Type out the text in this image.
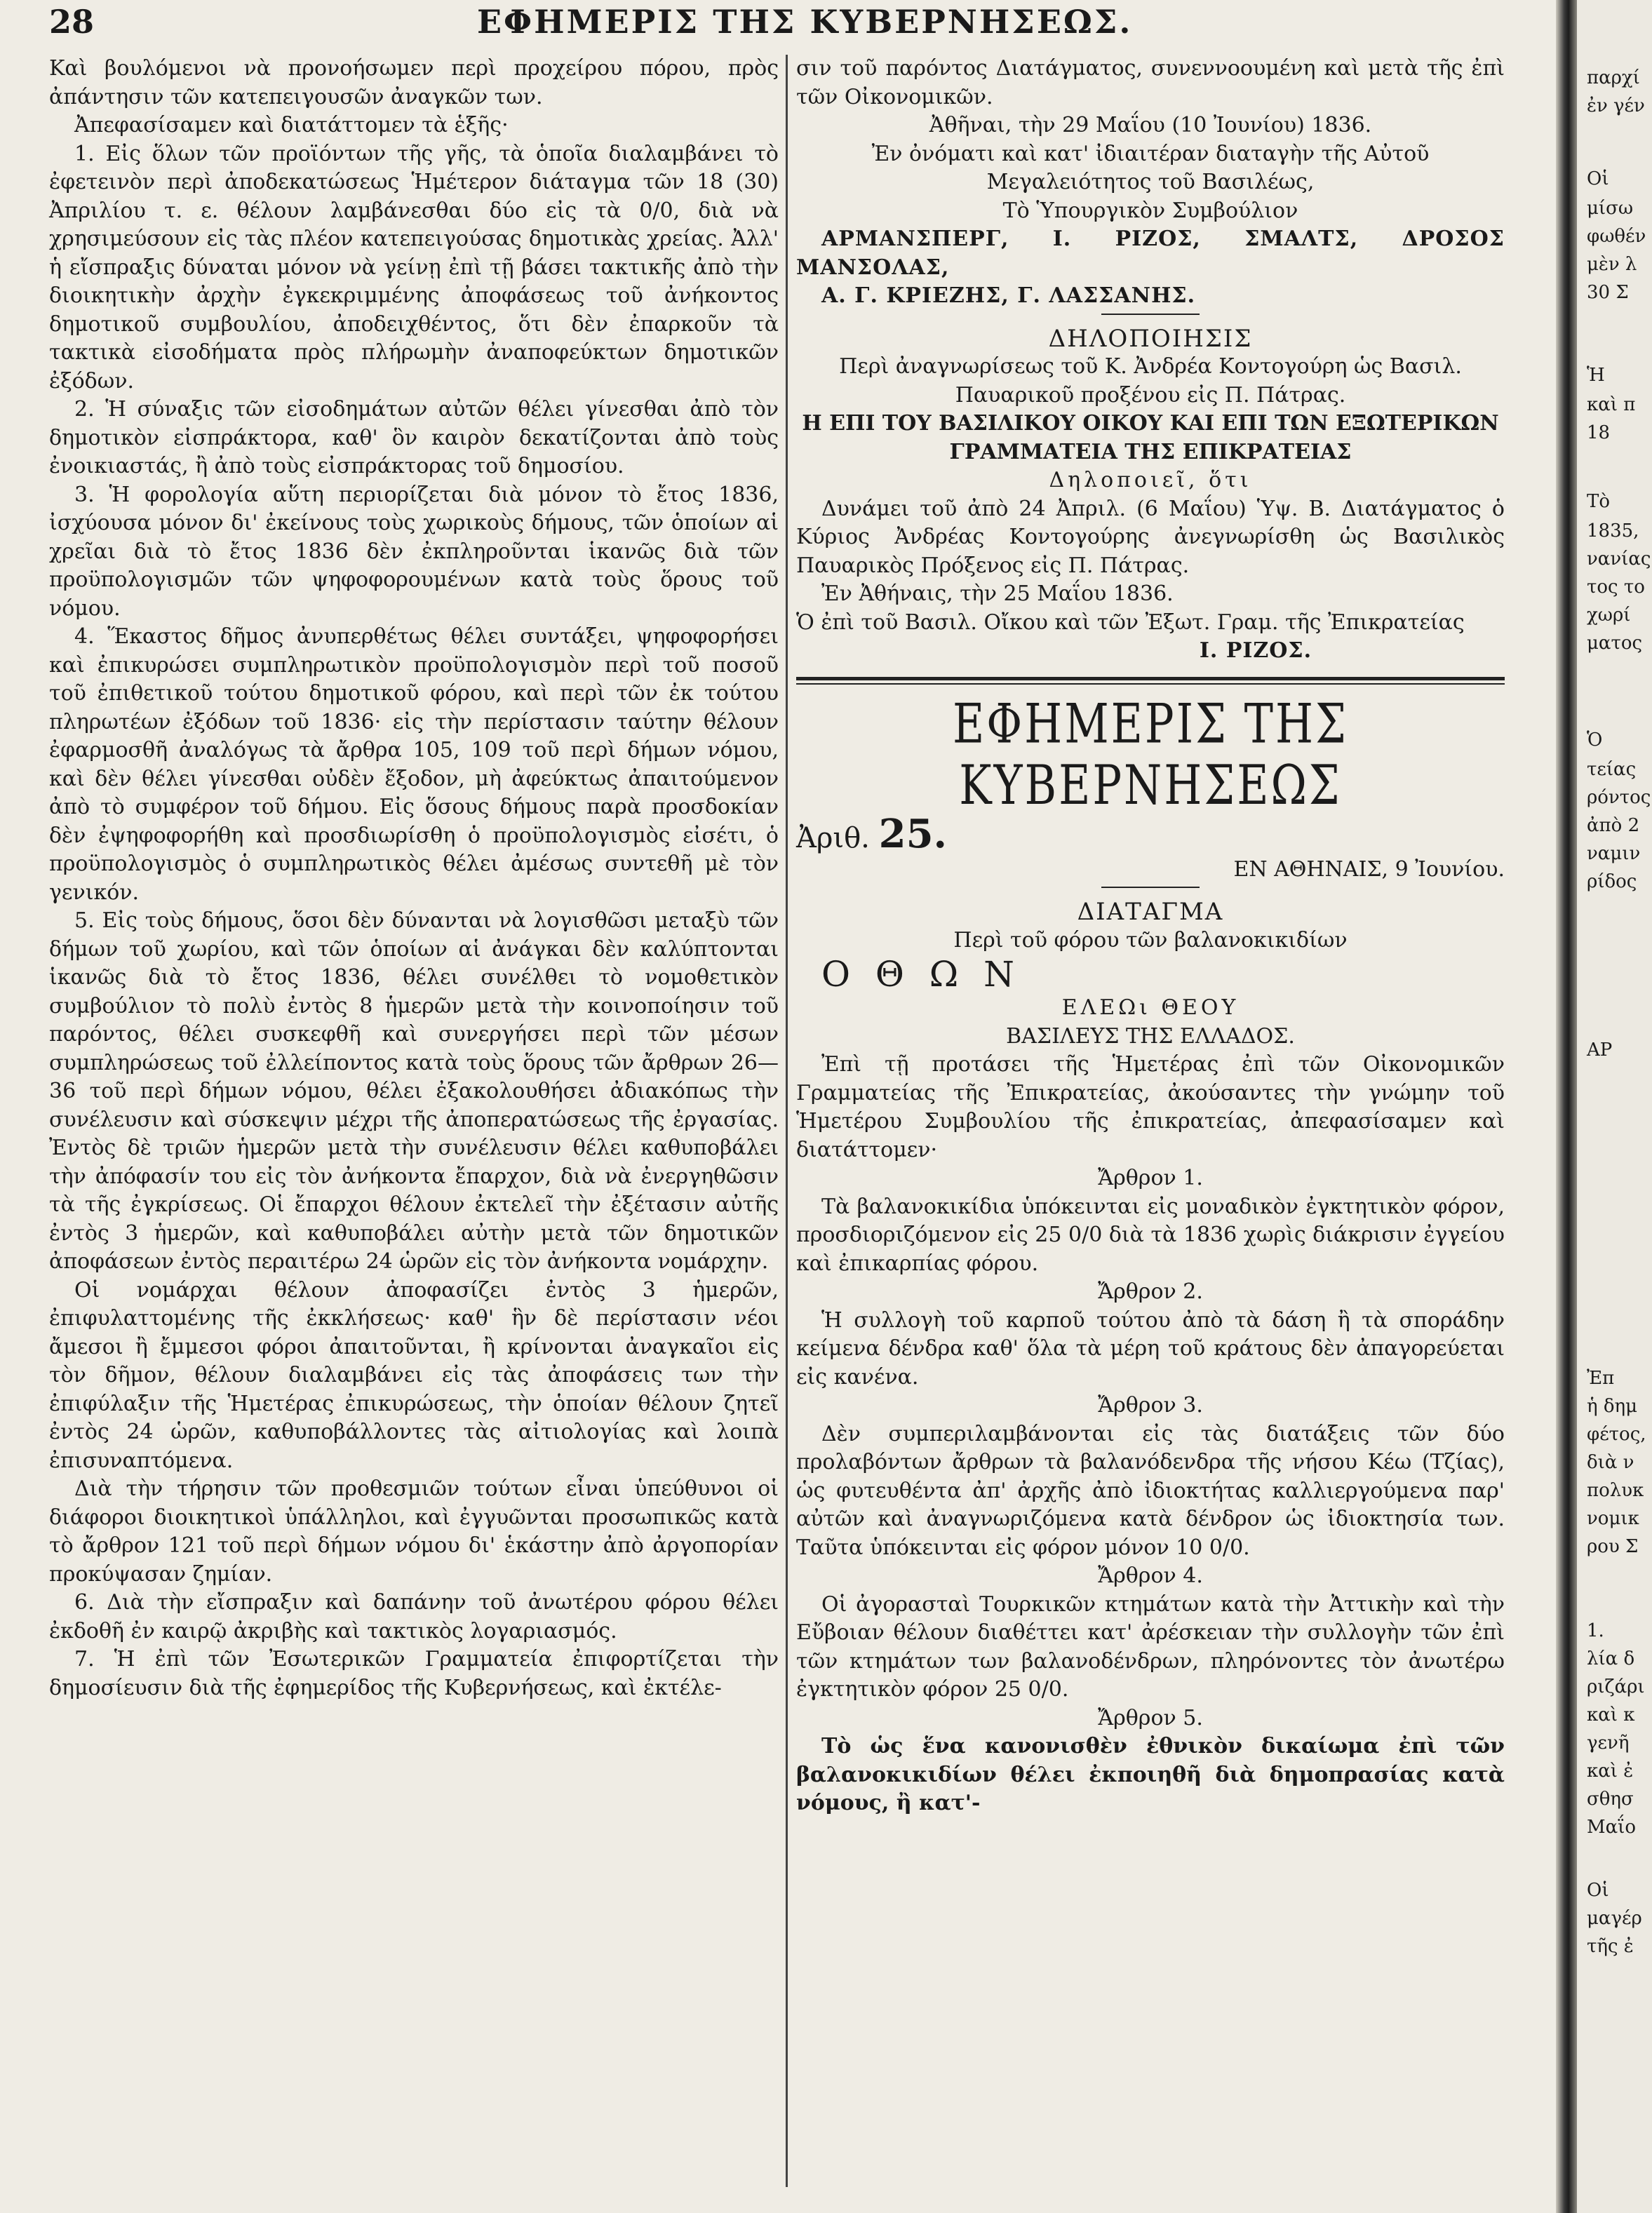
28	ΕΦΗΜΕΡΙΣ ΤΗΣ ΚΥΒΕΡΝΗΣΕΩΣ.

Καὶ βουλόμενοι νὰ προνοήσωμεν περὶ προχείρου πόρου, πρὸς ἀπάντησιν τῶν κατεπειγουσῶν ἀναγκῶν των.

Ἀπεφασίσαμεν καὶ διατάττομεν τὰ ἑξῆς·

1. Εἰς ὅλων τῶν προϊόντων τῆς γῆς, τὰ ὁποῖα διαλαμβάνει τὸ ἐφετεινὸν περὶ ἀποδεκατώσεως Ἡμέτερον διάταγμα τῶν 18 (30) Ἀπριλίου τ. ε. θέλουν λαμβάνεσθαι δύο εἰς τὰ 0/0, διὰ νὰ χρησιμεύσουν εἰς τὰς πλέον κατεπειγούσας δημοτικὰς χρείας. Ἀλλ' ἡ εἴσπραξις δύναται μόνον νὰ γείνῃ ἐπὶ τῇ βάσει τακτικῆς ἀπὸ τὴν διοικητικὴν ἀρχὴν ἐγκεκριμμένης ἀποφάσεως τοῦ ἀνήκοντος δημοτικοῦ συμβουλίου, ἀποδειχθέντος, ὅτι δὲν ἐπαρκοῦν τὰ τακτικὰ εἰσοδήματα πρὸς πλήρωμὴν ἀναποφεύκτων δημοτικῶν ἐξόδων.

2. Ἡ σύναξις τῶν εἰσοδημάτων αὐτῶν θέλει γίνεσθαι ἀπὸ τὸν δημοτικὸν εἰσπράκτορα, καθ' ὃν καιρὸν δεκατίζονται ἀπὸ τοὺς ἐνοικιαστάς, ἢ ἀπὸ τοὺς εἰσπράκτορας τοῦ δημοσίου.

3. Ἡ φορολογία αὕτη περιορίζεται διὰ μόνον τὸ ἔτος 1836, ἰσχύουσα μόνον δι' ἐκείνους τοὺς χωρικοὺς δήμους, τῶν ὁποίων αἱ χρεῖαι διὰ τὸ ἔτος 1836 δὲν ἐκπληροῦνται ἱκανῶς διὰ τῶν προϋπολογισμῶν τῶν ψηφοφορουμένων κατὰ τοὺς ὅρους τοῦ νόμου.

4. Ἕκαστος δῆμος ἀνυπερθέτως θέλει συντάξει, ψηφοφορήσει καὶ ἐπικυρώσει συμπληρωτικὸν προϋπολογισμὸν περὶ τοῦ ποσοῦ τοῦ ἐπιθετικοῦ τούτου δημοτικοῦ φόρου, καὶ περὶ τῶν ἐκ τούτου πληρωτέων ἐξόδων τοῦ 1836· εἰς τὴν περίστασιν ταύτην θέλουν ἐφαρμοσθῆ ἀναλόγως τὰ ἄρθρα 105, 109 τοῦ περὶ δήμων νόμου, καὶ δὲν θέλει γίνεσθαι οὐδὲν ἔξοδον, μὴ ἀφεύκτως ἀπαιτούμενον ἀπὸ τὸ συμφέρον τοῦ δήμου. Εἰς ὅσους δήμους παρὰ προσδοκίαν δὲν ἐψηφοφορήθη καὶ προσδιωρίσθη ὁ προϋπολογισμὸς εἰσέτι, ὁ προϋπολογισμὸς ὁ συμπληρωτικὸς θέλει ἀμέσως συντεθῆ μὲ τὸν γενικόν.

5. Εἰς τοὺς δήμους, ὅσοι δὲν δύνανται νὰ λογισθῶσι μεταξὺ τῶν δήμων τοῦ χωρίου, καὶ τῶν ὁποίων αἱ ἀνάγκαι δὲν καλύπτονται ἱκανῶς διὰ τὸ ἔτος 1836, θέλει συνέλθει τὸ νομοθετικὸν συμβούλιον τὸ πολὺ ἐντὸς 8 ἡμερῶν μετὰ τὴν κοινοποίησιν τοῦ παρόντος, θέλει συσκεφθῆ καὶ συνεργήσει περὶ τῶν μέσων συμπληρώσεως τοῦ ἐλλείποντος κατὰ τοὺς ὅρους τῶν ἄρθρων 26—36 τοῦ περὶ δήμων νόμου, θέλει ἐξακολουθήσει ἀδιακόπως τὴν συνέλευσιν καὶ σύσκεψιν μέχρι τῆς ἀποπερατώσεως τῆς ἐργασίας. Ἐντὸς δὲ τριῶν ἡμερῶν μετὰ τὴν συνέλευσιν θέλει καθυποβάλει τὴν ἀπόφασίν του εἰς τὸν ἀνήκοντα ἔπαρχον, διὰ νὰ ἐνεργηθῶσιν τὰ τῆς ἐγκρίσεως. Οἱ ἔπαρχοι θέλουν ἐκτελεῖ τὴν ἐξέτασιν αὐτῆς ἐντὸς 3 ἡμερῶν, καὶ καθυποβάλει αὐτὴν μετὰ τῶν δημοτικῶν ἀποφάσεων ἐντὸς περαιτέρω 24 ὡρῶν εἰς τὸν ἀνήκοντα νομάρχην.

Οἱ νομάρχαι θέλουν ἀποφασίζει ἐντὸς 3 ἡμερῶν, ἐπιφυλαττομένης τῆς ἐκκλήσεως· καθ' ἣν δὲ περίστασιν νέοι ἄμεσοι ἢ ἔμμεσοι φόροι ἀπαιτοῦνται, ἢ κρίνονται ἀναγκαῖοι εἰς τὸν δῆμον, θέλουν διαλαμβάνει εἰς τὰς ἀποφάσεις των τὴν ἐπιφύλαξιν τῆς Ἡμετέρας ἐπικυρώσεως, τὴν ὁποίαν θέλουν ζητεῖ ἐντὸς 24 ὡρῶν, καθυποβάλλοντες τὰς αἰτιολογίας καὶ λοιπὰ ἐπισυναπτόμενα.

Διὰ τὴν τήρησιν τῶν προθεσμιῶν τούτων εἶναι ὑπεύθυνοι οἱ διάφοροι διοικητικοὶ ὑπάλληλοι, καὶ ἐγγυῶνται προσωπικῶς κατὰ τὸ ἄρθρον 121 τοῦ περὶ δήμων νόμου δι' ἑκάστην ἀπὸ ἀργοπορίαν προκύψασαν ζημίαν.

6. Διὰ τὴν εἴσπραξιν καὶ δαπάνην τοῦ ἀνωτέρου φόρου θέλει ἐκδοθῆ ἐν καιρῷ ἀκριβὴς καὶ τακτικὸς λογαριασμός.

7. Ἡ ἐπὶ τῶν Ἐσωτερικῶν Γραμματεία ἐπιφορτίζεται τὴν δημοσίευσιν διὰ τῆς ἐφημερίδος τῆς Κυβερνήσεως, καὶ ἐκτέλε-

σιν τοῦ παρόντος Διατάγματος, συνεννοουμένη καὶ μετὰ τῆς ἐπὶ τῶν Οἰκονομικῶν.

Ἀθῆναι, τὴν 29 Μαΐου (10 Ἰουνίου) 1836.

Ἐν ὀνόματι καὶ κατ' ἰδιαιτέραν διαταγὴν τῆς Αὐτοῦ

Μεγαλειότητος τοῦ Βασιλέως,

Τὸ Ὑπουργικὸν Συμβούλιον

ΑΡΜΑΝΣΠΕΡΓ, Ι. ΡΙΖΟΣ, ΣΜΑΛΤΣ, ΔΡΟΣΟΣ ΜΑΝΣΟΛΑΣ,

Α. Γ. ΚΡΙΕΖΗΣ, Γ. ΛΑΣΣΑΝΗΣ.

ΔΗΛΟΠΟΙΗΣΙΣ

Περὶ ἀναγνωρίσεως τοῦ Κ. Ἀνδρέα Κοντογούρη ὡς Βασιλ.

Παυαρικοῦ προξένου εἰς Π. Πάτρας.

Η ΕΠΙ ΤΟΥ ΒΑΣΙΛΙΚΟΥ ΟΙΚΟΥ ΚΑΙ ΕΠΙ ΤΩΝ ΕΞΩΤΕΡΙΚΩΝ

ΓΡΑΜΜΑΤΕΙΑ ΤΗΣ ΕΠΙΚΡΑΤΕΙΑΣ

Δηλοποιεῖ, ὅτι

Δυνάμει τοῦ ἀπὸ 24 Ἀπριλ. (6 Μαΐου) Ὑψ. Β. Διατάγματος ὁ Κύριος Ἀνδρέας Κοντογούρης ἀνεγνωρίσθη ὡς Βασιλικὸς Παυαρικὸς Πρόξενος εἰς Π. Πάτρας.

Ἐν Ἀθήναις, τὴν 25 Μαΐου 1836.

Ὁ ἐπὶ τοῦ Βασιλ. Οἴκου καὶ τῶν Ἐξωτ. Γραμ. τῆς Ἐπικρατείας

Ι. ΡΙΖΟΣ.

ΕΦΗΜΕΡΙΣ ΤΗΣ ΚΥΒΕΡΝΗΣΕΩΣ

Ἀριθ. 25.

ΕΝ ΑΘΗΝΑΙΣ, 9 Ἰουνίου.

ΔΙΑΤΑΓΜΑ

Περὶ τοῦ φόρου τῶν βαλανοκικιδίων

Ο Θ Ω Ν

ΕΛΕΩι ΘΕΟΥ

ΒΑΣΙΛΕΥΣ ΤΗΣ ΕΛΛΑΔΟΣ.

Ἐπὶ τῇ προτάσει τῆς Ἡμετέρας ἐπὶ τῶν Οἰκονομικῶν Γραμματείας τῆς Ἐπικρατείας, ἀκούσαντες τὴν γνώμην τοῦ Ἡμετέρου Συμβουλίου τῆς ἐπικρατείας, ἀπεφασίσαμεν καὶ διατάττομεν·

Ἄρθρον 1.

Τὰ βαλανοκικίδια ὑπόκεινται εἰς μοναδικὸν ἐγκτητικὸν φόρον, προσδιοριζόμενον εἰς 25 0/0 διὰ τὰ 1836 χωρὶς διάκρισιν ἐγγείου καὶ ἐπικαρπίας φόρου.

Ἄρθρον 2.

Ἡ συλλογὴ τοῦ καρποῦ τούτου ἀπὸ τὰ δάση ἢ τὰ σποράδην κείμενα δένδρα καθ' ὅλα τὰ μέρη τοῦ κράτους δὲν ἀπαγορεύεται εἰς κανένα.

Ἄρθρον 3.

Δὲν συμπεριλαμβάνονται εἰς τὰς διατάξεις τῶν δύο προλαβόντων ἄρθρων τὰ βαλανόδενδρα τῆς νήσου Κέω (Τζίας), ὡς φυτευθέντα ἀπ' ἀρχῆς ἀπὸ ἰδιοκτήτας καλλιεργούμενα παρ' αὐτῶν καὶ ἀναγνωριζόμενα κατὰ δένδρον ὡς ἰδιοκτησία των. Ταῦτα ὑπόκεινται εἰς φόρον μόνον 10 0/0.

Ἄρθρον 4.

Οἱ ἀγορασταὶ Τουρκικῶν κτημάτων κατὰ τὴν Ἀττικὴν καὶ τὴν Εὔβοιαν θέλουν διαθέττει κατ' ἀρέσκειαν τὴν συλλογὴν τῶν ἐπὶ τῶν κτημάτων των βαλανοδένδρων, πληρόνοντες τὸν ἀνωτέρω ἐγκτητικὸν φόρον 25 0/0.

Ἄρθρον 5.

Τὸ ὡς ἕνα κανονισθὲν ἐθνικὸν δικαίωμα ἐπὶ τῶν βαλανοκικιδίων θέλει ἐκποιηθῆ διὰ δημοπρασίας κατὰ νόμους, ἢ κατ'-

παρχί
ἐν γέν
Οἱ
μίσω
φωθέν
μὲν λ
30 Σ
Ἡ
καὶ π
18
Τὸ
1835,
νανίας
τος το
χωρί
ματος
Ὁ
τείας
ρόντος
ἀπὸ 2
ναμιν
ρίδος
ΑΡ
Ἐπ
ἡ δημ
φέτος,
διὰ ν
πολυκ
νομικ
ρου Σ
1.
λία δ
ριζάρι
καὶ κ
γενῆ
καὶ ἐ
σθησ
Μαΐο
Οἱ
μαγέρ
τῆς ἐ
